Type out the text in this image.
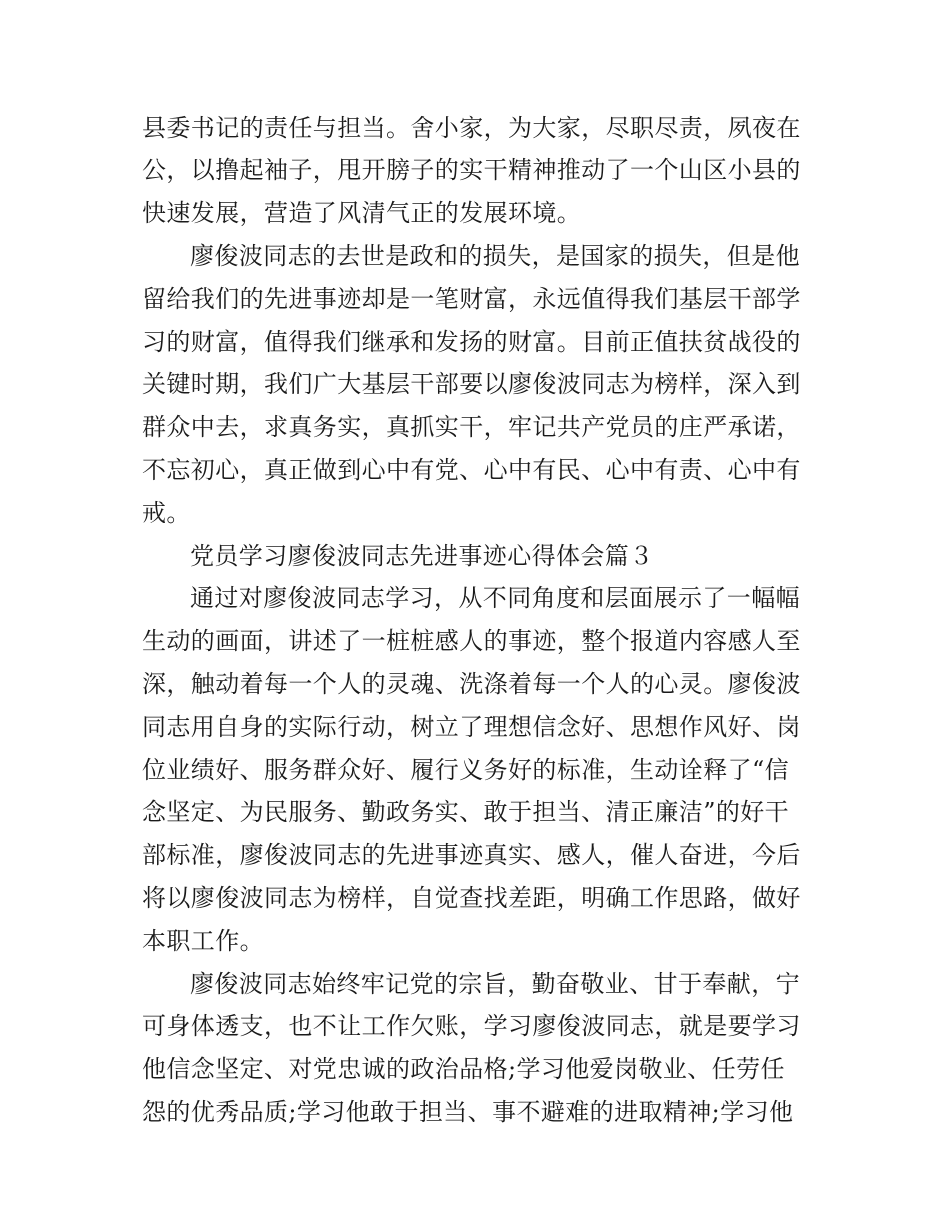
县委书记的责任与担当。舍小家，为大家，尽职尽责，夙夜在
公，以撸起袖子，甩开膀子的实干精神推动了一个山区小县的
快速发展，营造了风清气正的发展环境。
廖俊波同志的去世是政和的损失，是国家的损失，但是他
留给我们的先进事迹却是一笔财富，永远值得我们基层干部学
习的财富，值得我们继承和发扬的财富。目前正值扶贫战役的
关键时期，我们广大基层干部要以廖俊波同志为榜样，深入到
群众中去，求真务实，真抓实干，牢记共产党员的庄严承诺，
不忘初心，真正做到心中有党、心中有民、心中有责、心中有
戒。
党员学习廖俊波同志先进事迹心得体会篇３
通过对廖俊波同志学习，从不同角度和层面展示了一幅幅
生动的画面，讲述了一桩桩感人的事迹，整个报道内容感人至
深，触动着每一个人的灵魂、洗涤着每一个人的心灵。廖俊波
同志用自身的实际行动，树立了理想信念好、思想作风好、岗
位业绩好、服务群众好、履行义务好的标准，生动诠释了“信
念坚定、为民服务、勤政务实、敢于担当、清正廉洁”的好干
部标准，廖俊波同志的先进事迹真实、感人，催人奋进，今后
将以廖俊波同志为榜样，自觉查找差距，明确工作思路，做好
本职工作。
廖俊波同志始终牢记党的宗旨，勤奋敬业、甘于奉献，宁
可身体透支，也不让工作欠账，学习廖俊波同志，就是要学习
他信念坚定、对党忠诚的政治品格;学习他爱岗敬业、任劳任
怨的优秀品质;学习他敢于担当、事不避难的进取精神;学习他
